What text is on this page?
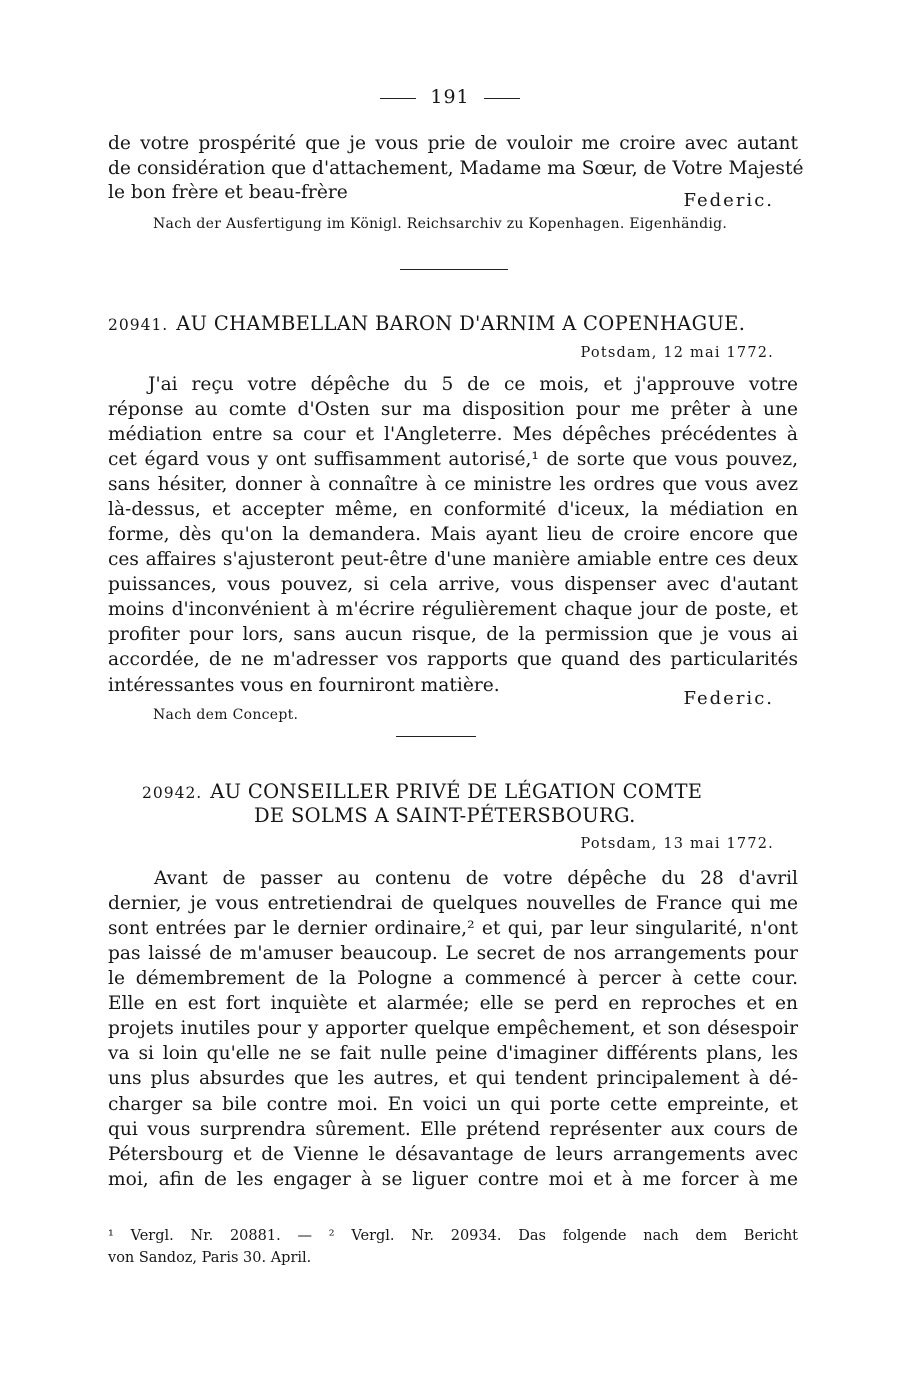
191
de votre prospérité que je vous prie de vouloir me croire avec autant
de considération que d'attachement, Madame ma Sœur, de Votre Majesté
le bon frère et beau-frère	Federic.
Nach der Ausfertigung im Königl. Reichsarchiv zu Kopenhagen. Eigenhändig.
20941. AU CHAMBELLAN BARON D'ARNIM A COPENHAGUE.
Potsdam, 12 mai 1772.
J'ai reçu votre dépêche du 5 de ce mois, et j'approuve votre
réponse au comte d'Osten sur ma disposition pour me prêter à une
médiation entre sa cour et l'Angleterre. Mes dépêches précédentes à
cet égard vous y ont suffisamment autorisé,¹ de sorte que vous pouvez,
sans hésiter, donner à connaître à ce ministre les ordres que vous avez
là-dessus, et accepter même, en conformité d'iceux, la médiation en
forme, dès qu'on la demandera. Mais ayant lieu de croire encore que
ces affaires s'ajusteront peut-être d'une manière amiable entre ces deux
puissances, vous pouvez, si cela arrive, vous dispenser avec d'autant
moins d'inconvénient à m'écrire régulièrement chaque jour de poste, et
profiter pour lors, sans aucun risque, de la permission que je vous ai
accordée, de ne m'adresser vos rapports que quand des particularités
intéressantes vous en fourniront matière.
Federic.
Nach dem Concept.
20942. AU CONSEILLER PRIVÉ DE LÉGATION COMTE
DE SOLMS A SAINT-PÉTERSBOURG.
Potsdam, 13 mai 1772.
Avant de passer au contenu de votre dépêche du 28 d'avril
dernier, je vous entretiendrai de quelques nouvelles de France qui me
sont entrées par le dernier ordinaire,² et qui, par leur singularité, n'ont
pas laissé de m'amuser beaucoup. Le secret de nos arrangements pour
le démembrement de la Pologne a commencé à percer à cette cour.
Elle en est fort inquiète et alarmée; elle se perd en reproches et en
projets inutiles pour y apporter quelque empêchement, et son désespoir
va si loin qu'elle ne se fait nulle peine d'imaginer différents plans, les
uns plus absurdes que les autres, et qui tendent principalement à dé-
charger sa bile contre moi. En voici un qui porte cette empreinte, et
qui vous surprendra sûrement. Elle prétend représenter aux cours de
Pétersbourg et de Vienne le désavantage de leurs arrangements avec
moi, afin de les engager à se liguer contre moi et à me forcer à me
¹ Vergl. Nr. 20881. — ² Vergl. Nr. 20934. Das folgende nach dem Bericht
von Sandoz, Paris 30. April.
